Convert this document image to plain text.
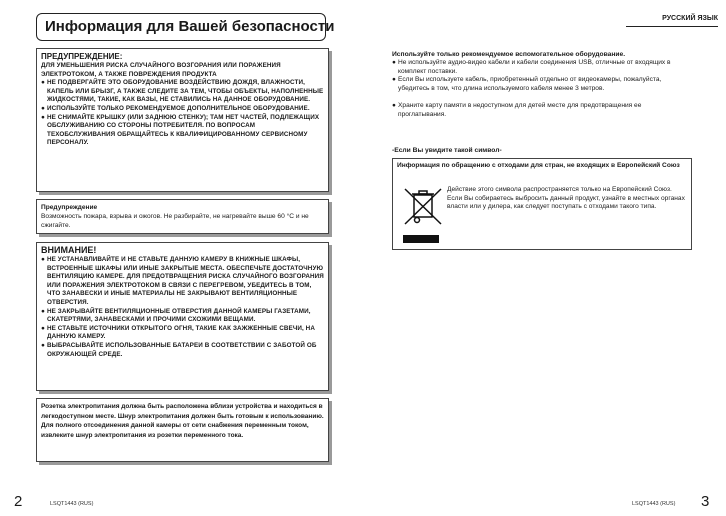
Информация для Вашей безопасности	РУССКИЙ ЯЗЫК
ПРЕДУПРЕЖДЕНИЕ:
ДЛЯ УМЕНЬШЕНИЯ РИСКА СЛУЧАЙНОГО ВОЗГОРАНИЯ ИЛИ ПОРАЖЕНИЯ ЭЛЕКТРОТОКОМ, А ТАКЖЕ ПОВРЕЖДЕНИЯ ПРОДУКТА
● НЕ ПОДВЕРГАЙТЕ ЭТО ОБОРУДОВАНИЕ ВОЗДЕЙСТВИЮ ДОЖДЯ, ВЛАЖНОСТИ, КАПЕЛЬ ИЛИ БРЫЗГ, А ТАКЖЕ СЛЕДИТЕ ЗА ТЕМ, ЧТОБЫ ОБЪЕКТЫ, НАПОЛНЕННЫЕ ЖИДКОСТЯМИ, ТАКИЕ, КАК ВАЗЫ, НЕ СТАВИЛИСЬ НА ДАННОЕ ОБОРУДОВАНИЕ.
● ИСПОЛЬЗУЙТЕ ТОЛЬКО РЕКОМЕНДУЕМОЕ ДОПОЛНИТЕЛЬНОЕ ОБОРУДОВАНИЕ.
● НЕ СНИМАЙТЕ КРЫШКУ (ИЛИ ЗАДНЮЮ СТЕНКУ); ТАМ НЕТ ЧАСТЕЙ, ПОДЛЕЖАЩИХ ОБСЛУЖИВАНИЮ СО СТОРОНЫ ПОТРЕБИТЕЛЯ. ПО ВОПРОСАМ ТЕХОБСЛУЖИВАНИЯ ОБРАЩАЙТЕСЬ К КВАЛИФИЦИРОВАННОМУ СЕРВИСНОМУ ПЕРСОНАЛУ.
Предупреждение
Возможность пожара, взрыва и ожогов. Не разбирайте, не нагревайте выше 60 °C и не сжигайте.
ВНИМАНИЕ!
● НЕ УСТАНАВЛИВАЙТЕ И НЕ СТАВЬТЕ ДАННУЮ КАМЕРУ В КНИЖНЫЕ ШКАФЫ, ВСТРОЕННЫЕ ШКАФЫ ИЛИ ИНЫЕ ЗАКРЫТЫЕ МЕСТА. ОБЕСПЕЧЬТЕ ДОСТАТОЧНУЮ ВЕНТИЛЯЦИЮ КАМЕРЕ. ДЛЯ ПРЕДОТВРАЩЕНИЯ РИСКА СЛУЧАЙНОГО ВОЗГОРАНИЯ ИЛИ ПОРАЖЕНИЯ ЭЛЕКТРОТОКОМ В СВЯЗИ С ПЕРЕГРЕВОМ, УБЕДИТЕСЬ В ТОМ, ЧТО ЗАНАВЕСКИ И ИНЫЕ МАТЕРИАЛЫ НЕ ЗАКРЫВАЮТ ВЕНТИЛЯЦИОННЫЕ ОТВЕРСТИЯ.
● НЕ ЗАКРЫВАЙТЕ ВЕНТИЛЯЦИОННЫЕ ОТВЕРСТИЯ ДАННОЙ КАМЕРЫ ГАЗЕТАМИ, СКАТЕРТЯМИ, ЗАНАВЕСКАМИ И ПРОЧИМИ СХОЖИМИ ВЕЩАМИ.
● НЕ СТАВЬТЕ ИСТОЧНИКИ ОТКРЫТОГО ОГНЯ, ТАКИЕ КАК ЗАЖЖЕННЫЕ СВЕЧИ, НА ДАННУЮ КАМЕРУ.
● ВЫБРАСЫВАЙТЕ ИСПОЛЬЗОВАННЫЕ БАТАРЕИ В СООТВЕТСТВИИ С ЗАБОТОЙ ОБ ОКРУЖАЮЩЕЙ СРЕДЕ.
Розетка электропитания должна быть расположена вблизи устройства и находиться в легкодоступном месте. Шнур электропитания должен быть готовым к использованию. Для полного отсоединения данной камеры от сети снабжения переменным током, извлеките шнур электропитания из розетки переменного тока.
Используйте только рекомендуемое вспомогательное оборудование.
● Не используйте аудио-видео кабели и кабели соединения USB, отличные от входящих в комплект поставки.
● Если Вы используете кабель, приобретенный отдельно от видеокамеры, пожалуйста, убедитесь в том, что длина используемого кабеля менее 3 метров.
● Храните карту памяти в недоступном для детей месте для предотвращения ее проглатывания.
-Если Вы увидите такой символ-
Информация по обращению с отходами для стран, не входящих в Европейский Союз
Действие этого символа распространяется только на Европейский Союз.
Если Вы собираетесь выбросить данный продукт, узнайте в местных органах власти или у дилера, как следует поступать с отходами такого типа.
2	LSQT1443 (RUS)	LSQT1443 (RUS) 3
